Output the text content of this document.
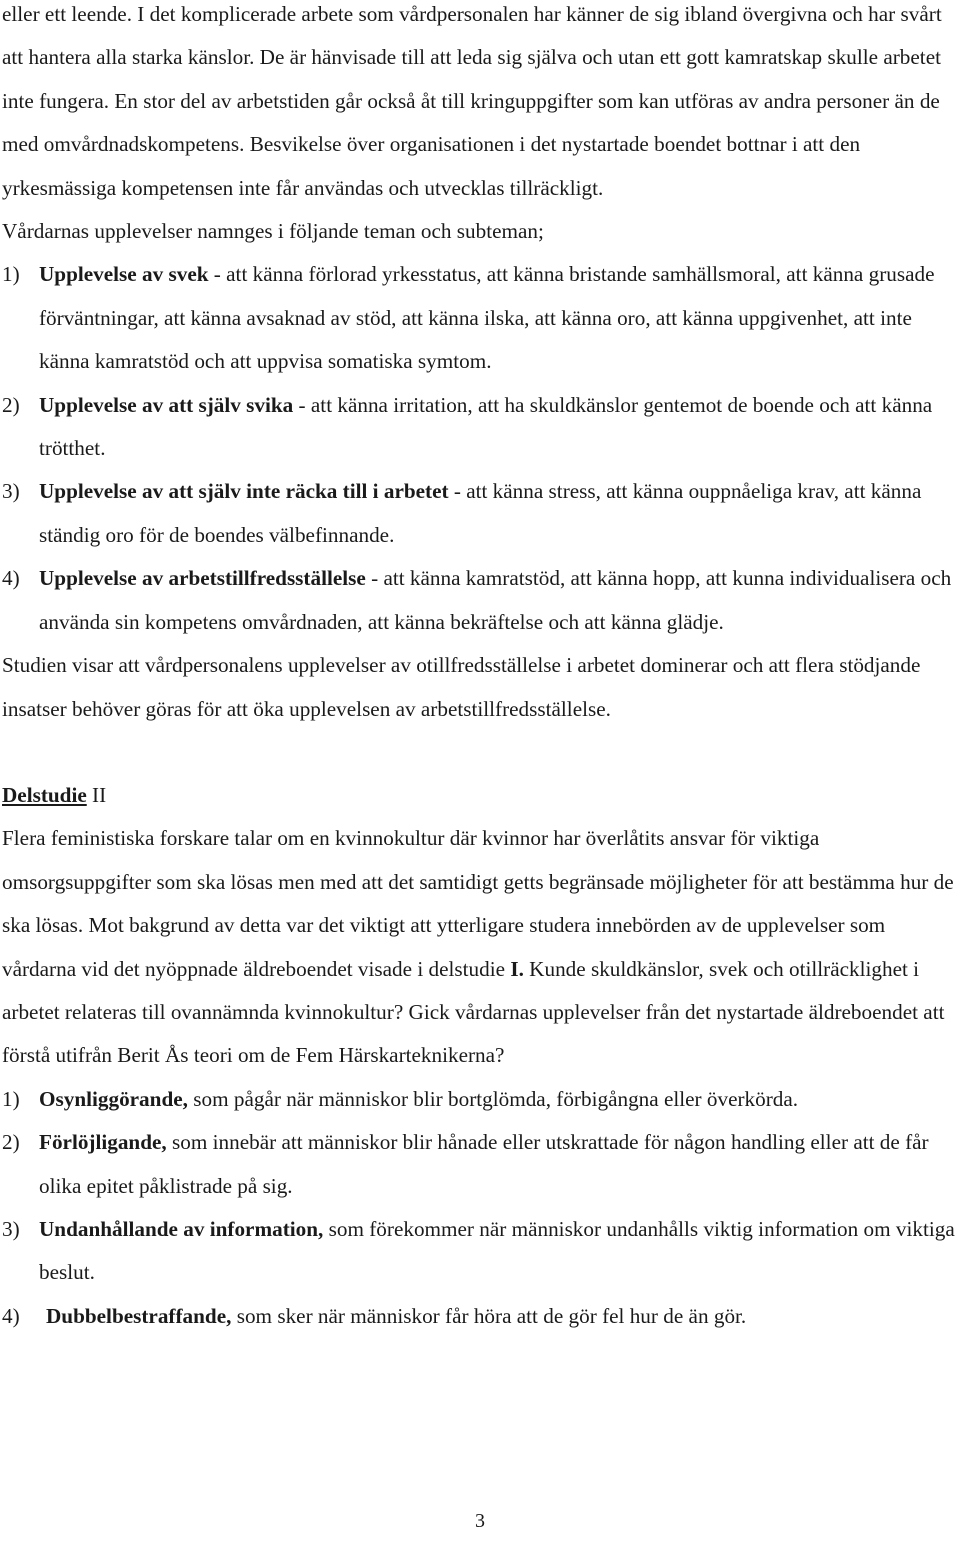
eller ett leende. I det komplicerade arbete som vårdpersonalen har känner de sig ibland övergivna och har svårt att hantera alla starka känslor. De är hänvisade till att leda sig själva och utan ett gott kamratskap skulle arbetet inte fungera. En stor del av arbetstiden går också åt till kringuppgifter som kan utföras av andra personer än de med omvårdnadskompetens. Besvikelse över organisationen i det nystartade boendet bottnar i att den yrkesmässiga kompetensen inte får användas och utvecklas tillräckligt.

Vårdarnas upplevelser namnges i följande teman och subteman;

1) Upplevelse av svek - att känna förlorad yrkesstatus, att känna bristande samhällsmoral, att känna grusade förväntningar, att känna avsaknad av stöd, att känna ilska, att känna oro, att känna uppgivenhet, att inte känna kamratstöd och att uppvisa somatiska symtom.
2) Upplevelse av att själv svika - att känna irritation, att ha skuldkänslor gentemot de boende och att känna trötthet.
3) Upplevelse av att själv inte räcka till i arbetet - att känna stress, att känna ouppnåeliga krav, att känna ständig oro för de boendes välbefinnande.
4) Upplevelse av arbetstillfredsställelse - att känna kamratstöd, att känna hopp, att kunna individualisera och använda sin kompetens omvårdnaden, att känna bekräftelse och att känna glädje.

Studien visar att vårdpersonalens upplevelser av otillfredsställelse i arbetet dominerar och att flera stödjande insatser behöver göras för att öka upplevelsen av arbetstillfredsställelse.

Delstudie II

Flera feministiska forskare talar om en kvinnokultur där kvinnor har överlåtits ansvar för viktiga omsorgsuppgifter som ska lösas men med att det samtidigt getts begränsade möjligheter för att bestämma hur de ska lösas. Mot bakgrund av detta var det viktigt att ytterligare studera innebörden av de upplevelser som vårdarna vid det nyöppnade äldreboendet visade i delstudie I. Kunde skuldkänslor, svek och otillräcklighet i arbetet relateras till ovannämnda kvinnokultur? Gick vårdarnas upplevelser från det nystartade äldreboendet att förstå utifrån Berit Ås teori om de Fem Härskarteknikerna?

1) Osynliggörande, som pågår när människor blir bortglömda, förbigångna eller överkörda.
2) Förlöjligande, som innebär att människor blir hånade eller utskrattade för någon handling eller att de får olika epitet påklistrade på sig.
3) Undanhållande av information, som förekommer när människor undanhålls viktig information om viktiga beslut.
4)	Dubbelbestraffande, som sker när människor får höra att de gör fel hur de än gör.
3
